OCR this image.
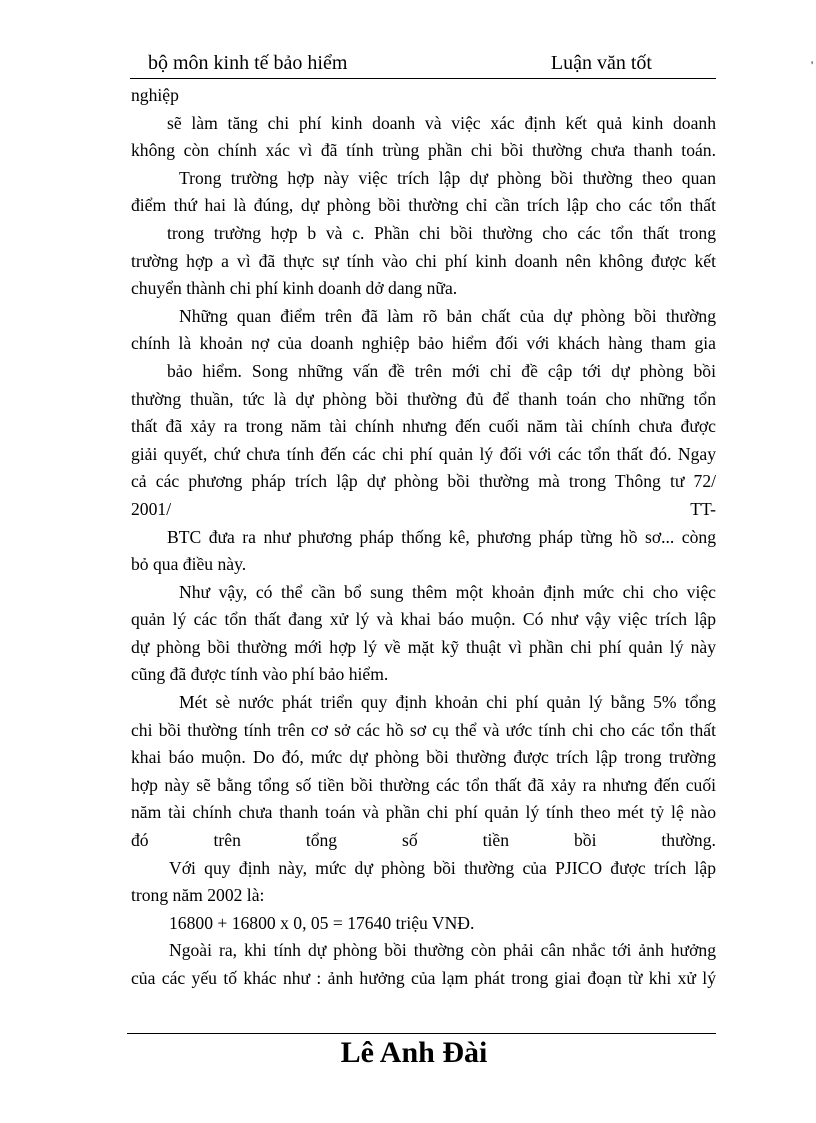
bộ môn kinh tế bảo hiểm	Luận văn tốt	'
nghiệp
sẽ làm tăng chi phí kinh doanh và việc xác định kết quả kinh doanh
không còn chính xác vì đã tính trùng phần chi bồi thường chưa thanh toán.
Trong trường hợp này việc trích lập dự phòng bồi thường theo quan
điểm thứ hai là đúng, dự phòng bồi thường chỉ cần trích lập cho các tổn thất
trong trường hợp b và c. Phần chi bồi thường cho các tổn thất trong
trường hợp a vì đã thực sự tính vào chi phí kinh doanh nên không được kết
chuyển thành chi phí kinh doanh dở dang nữa.
Những quan điểm trên đã làm rõ bản chất của dự phòng bồi thường
chính là khoản nợ của doanh nghiệp bảo hiểm đối với khách hàng tham gia
bảo hiểm. Song những vấn đề trên mới chỉ đề cập tới dự phòng bồi
thường thuần, tức là dự phòng bồi thường đủ để thanh toán cho những tổn
thất đã xảy ra trong năm tài chính nhưng đến cuối năm tài chính chưa được
giải quyết, chứ chưa tính đến các chi phí quản lý đối với các tổn thất đó. Ngay
cả các phương pháp trích lập dự phòng bồi thường mà trong Thông tư 72/
2001/	TT-
BTC đưa ra như phương pháp thống kê, phương pháp từng hồ sơ... còng
bỏ qua điều này.
Như vậy, có thể cần bổ sung thêm một khoản định mức chi cho việc
quản lý các tổn thất đang xử lý và khai báo muộn. Có như vậy việc trích lập
dự phòng bồi thường mới hợp lý về mặt kỹ thuật vì phần chi phí quản lý này
cũng đã được tính vào phí bảo hiểm.
Mét sè nước phát triển quy định khoản chi phí quản lý bằng 5% tổng
chi bồi thường tính trên cơ sở các hồ sơ cụ thể và ước tính chi cho các tổn thất
khai báo muộn. Do đó, mức dự phòng bồi thường được trích lập trong trường
hợp này sẽ bằng tổng số tiền bồi thường các tổn thất đã xảy ra nhưng đến cuối
năm tài chính chưa thanh toán và phần chi phí quản lý tính theo mét tỷ lệ nào
đó	trên	tổng	số	tiền	bồi	thường.
Với quy định này, mức dự phòng bồi thường của PJICO được trích lập
trong năm 2002 là:
16800 + 16800 x 0, 05 = 17640 triệu VNĐ.
Ngoài ra, khi tính dự phòng bồi thường còn phải cân nhắc tới ảnh hưởng
của các yếu tố khác như : ảnh hưởng của lạm phát trong giai đoạn từ khi xử lý
Lê Anh Đài
